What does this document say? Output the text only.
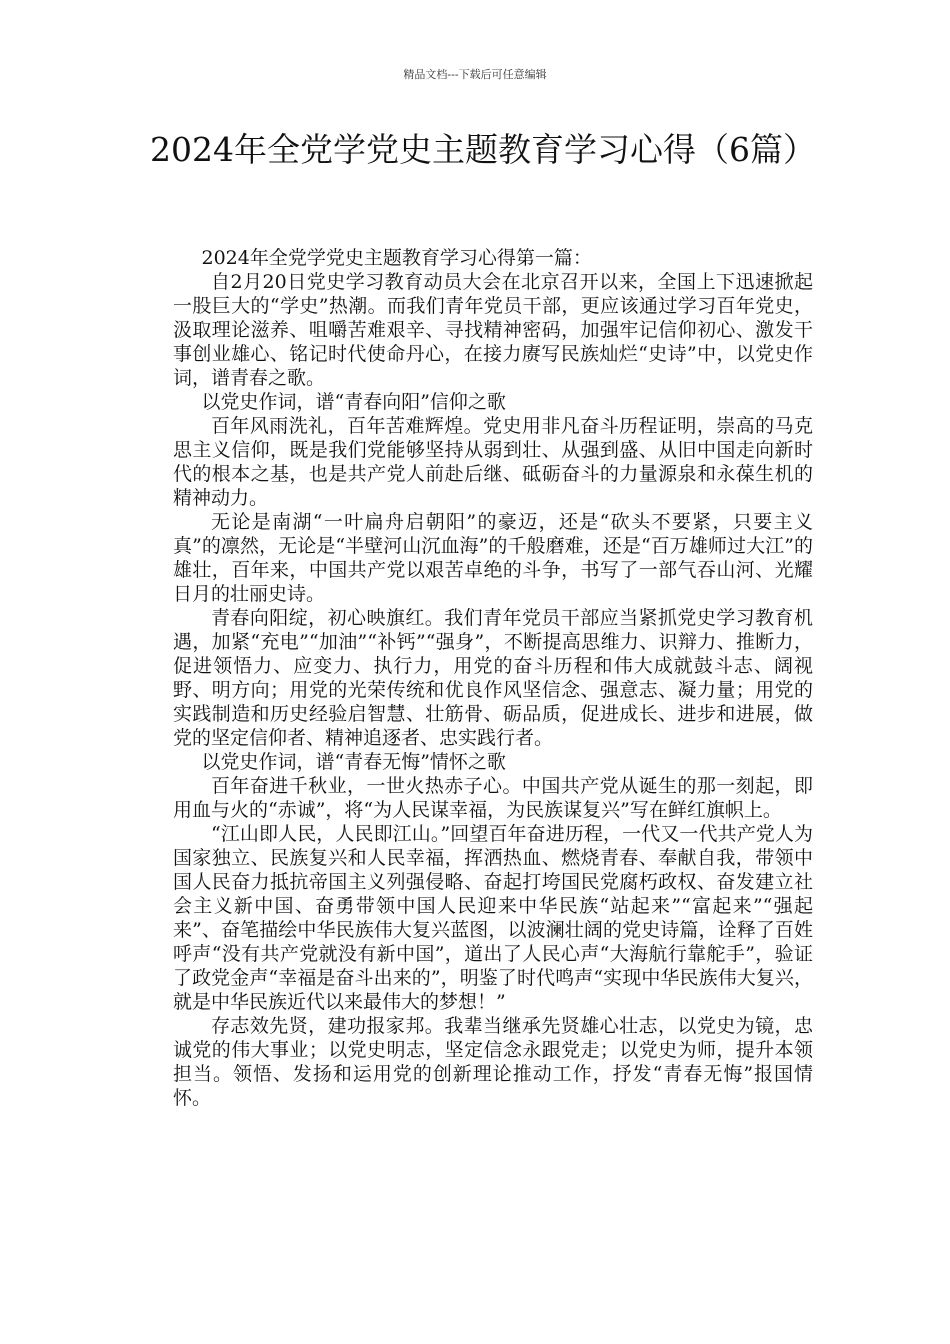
精品文档---下载后可任意编辑
2024年全党学党史主题教育学习心得（6篇）

2024年全党学党史主题教育学习心得第一篇：

自2月20日党史学习教育动员大会在北京召开以来，全国上下迅速掀起一股巨大的“学史”热潮。而我们青年党员干部，更应该通过学习百年党史，汲取理论滋养、咀嚼苦难艰辛、寻找精神密码，加强牢记信仰初心、激发干事创业雄心、铭记时代使命丹心，在接力赓写民族灿烂“史诗”中，以党史作词，谱青春之歌。

以党史作词，谱“青春向阳”信仰之歌

百年风雨洗礼，百年苦难辉煌。党史用非凡奋斗历程证明，崇高的马克思主义信仰，既是我们党能够坚持从弱到壮、从强到盛、从旧中国走向新时代的根本之基，也是共产党人前赴后继、砥砺奋斗的力量源泉和永葆生机的精神动力。

无论是南湖“一叶扁舟启朝阳”的豪迈，还是“砍头不要紧，只要主义真”的凛然，无论是“半壁河山沉血海”的千般磨难，还是“百万雄师过大江”的雄壮，百年来，中国共产党以艰苦卓绝的斗争，书写了一部气吞山河、光耀日月的壮丽史诗。

青春向阳绽，初心映旗红。我们青年党员干部应当紧抓党史学习教育机遇，加紧“充电”“加油”“补钙”“强身”，不断提高思维力、识辩力、推断力，促进领悟力、应变力、执行力，用党的奋斗历程和伟大成就鼓斗志、阔视野、明方向；用党的光荣传统和优良作风坚信念、强意志、凝力量；用党的实践制造和历史经验启智慧、壮筋骨、砺品质，促进成长、进步和进展，做党的坚定信仰者、精神追逐者、忠实践行者。

以党史作词，谱“青春无悔”情怀之歌

百年奋进千秋业，一世火热赤子心。中国共产党从诞生的那一刻起，即用血与火的“赤诚”，将“为人民谋幸福，为民族谋复兴”写在鲜红旗帜上。

“江山即人民，人民即江山。”回望百年奋进历程，一代又一代共产党人为国家独立、民族复兴和人民幸福，挥洒热血、燃烧青春、奉献自我，带领中国人民奋力抵抗帝国主义列强侵略、奋起打垮国民党腐朽政权、奋发建立社会主义新中国、奋勇带领中国人民迎来中华民族“站起来”“富起来”“强起来”、奋笔描绘中华民族伟大复兴蓝图，以波澜壮阔的党史诗篇，诠释了百姓呼声“没有共产党就没有新中国”，道出了人民心声“大海航行靠舵手”，验证了政党金声“幸福是奋斗出来的”，明鉴了时代鸣声“实现中华民族伟大复兴，就是中华民族近代以来最伟大的梦想！”

存志效先贤，建功报家邦。我辈当继承先贤雄心壮志，以党史为镜，忠诚党的伟大事业；以党史明志，坚定信念永跟党走；以党史为师，提升本领担当。领悟、发扬和运用党的创新理论推动工作，抒发“青春无悔”报国情怀。
